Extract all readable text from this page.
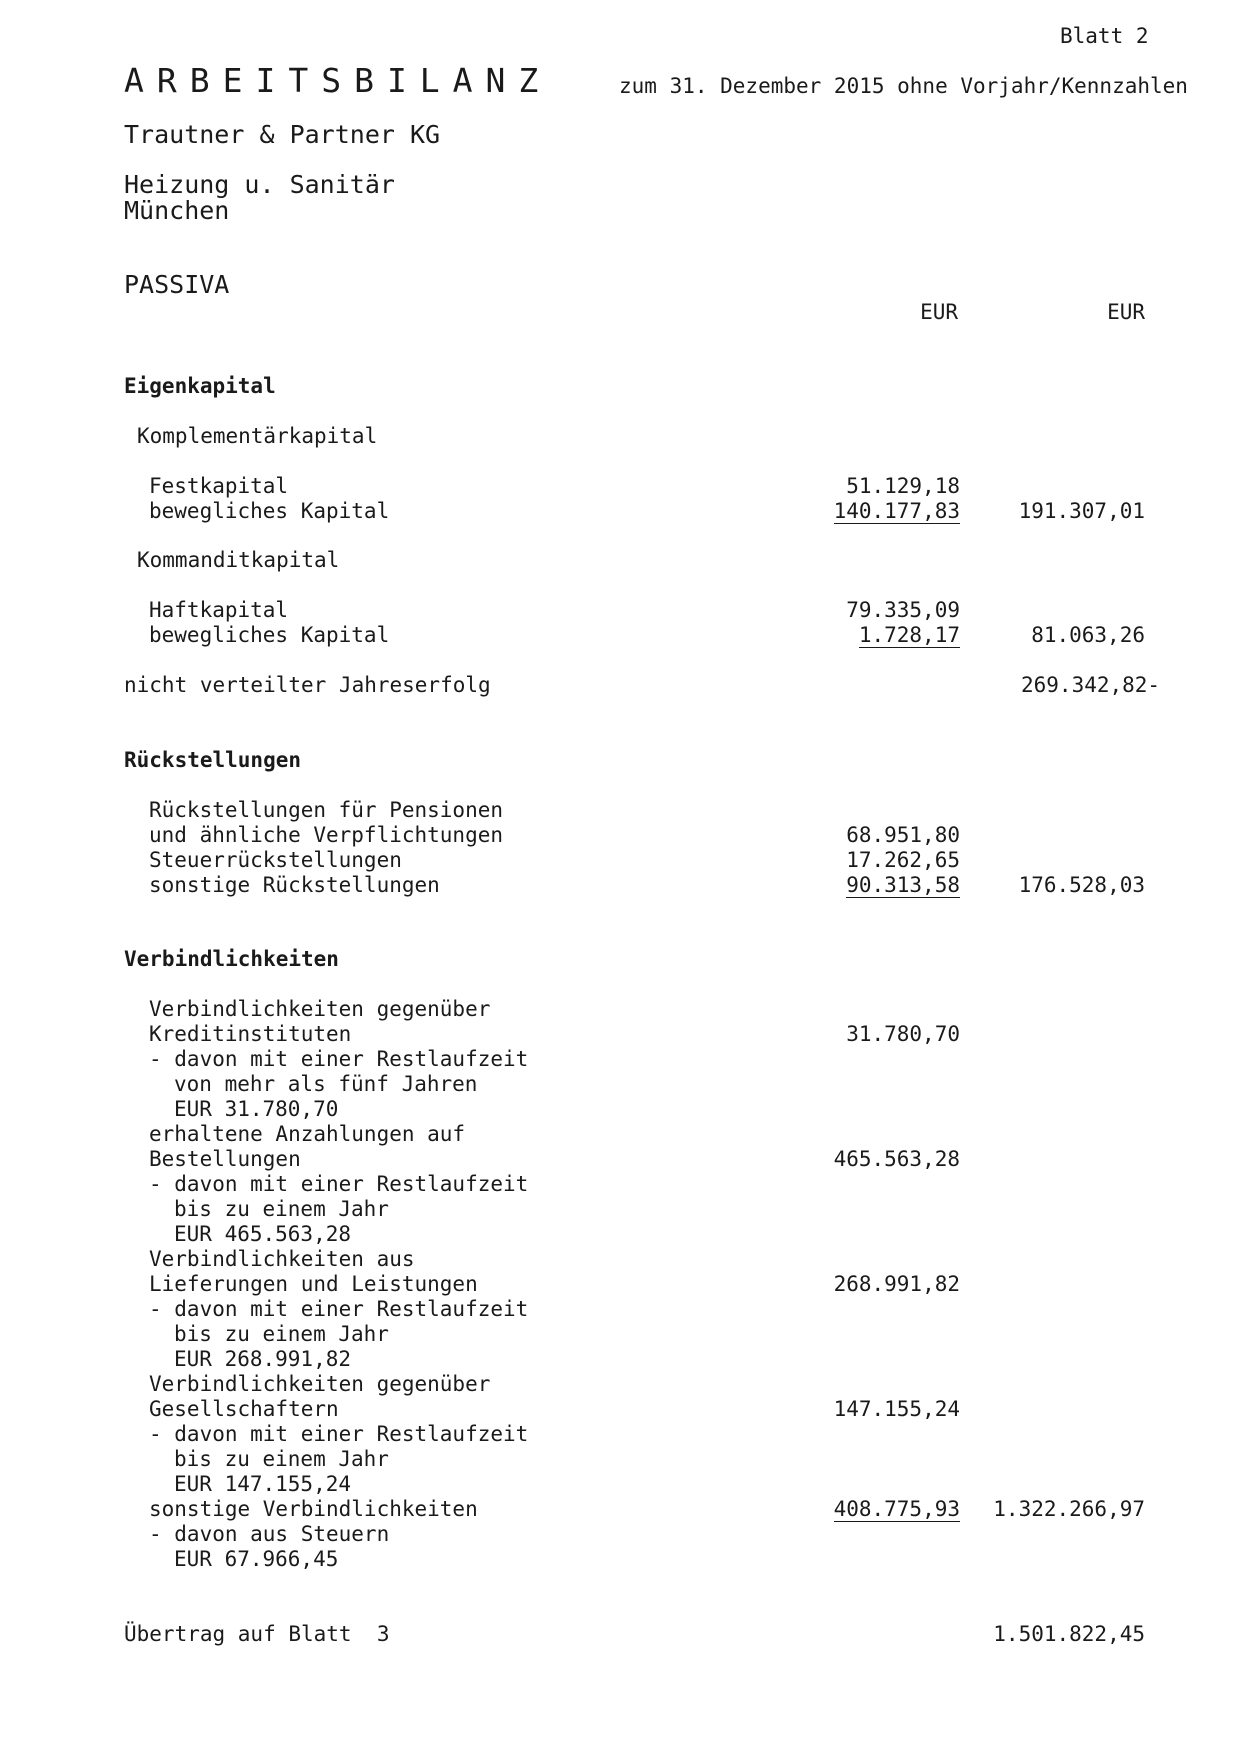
Blatt 2
ARBEITSBILANZ	zum 31. Dezember 2015 ohne Vorjahr/Kennzahlen
Trautner & Partner KG
Heizung u. Sanitär
München
PASSIVA
EUR	EUR
Eigenkapital
Komplementärkapital
Festkapital	51.129,18
bewegliches Kapital	140.177,83	191.307,01
Kommanditkapital
Haftkapital	79.335,09
bewegliches Kapital	1.728,17	81.063,26
nicht verteilter Jahreserfolg	269.342,82-
Rückstellungen
Rückstellungen für Pensionen
und ähnliche Verpflichtungen	68.951,80
Steuerrückstellungen	17.262,65
sonstige Rückstellungen	90.313,58	176.528,03
Verbindlichkeiten
Verbindlichkeiten gegenüber
Kreditinstituten	31.780,70
- davon mit einer Restlaufzeit
von mehr als fünf Jahren
EUR 31.780,70
erhaltene Anzahlungen auf
Bestellungen	465.563,28
- davon mit einer Restlaufzeit
bis zu einem Jahr
EUR 465.563,28
Verbindlichkeiten aus
Lieferungen und Leistungen	268.991,82
- davon mit einer Restlaufzeit
bis zu einem Jahr
EUR 268.991,82
Verbindlichkeiten gegenüber
Gesellschaftern	147.155,24
- davon mit einer Restlaufzeit
bis zu einem Jahr
EUR 147.155,24
sonstige Verbindlichkeiten	408.775,93	1.322.266,97
- davon aus Steuern
EUR 67.966,45
Übertrag auf Blatt  3	1.501.822,45
